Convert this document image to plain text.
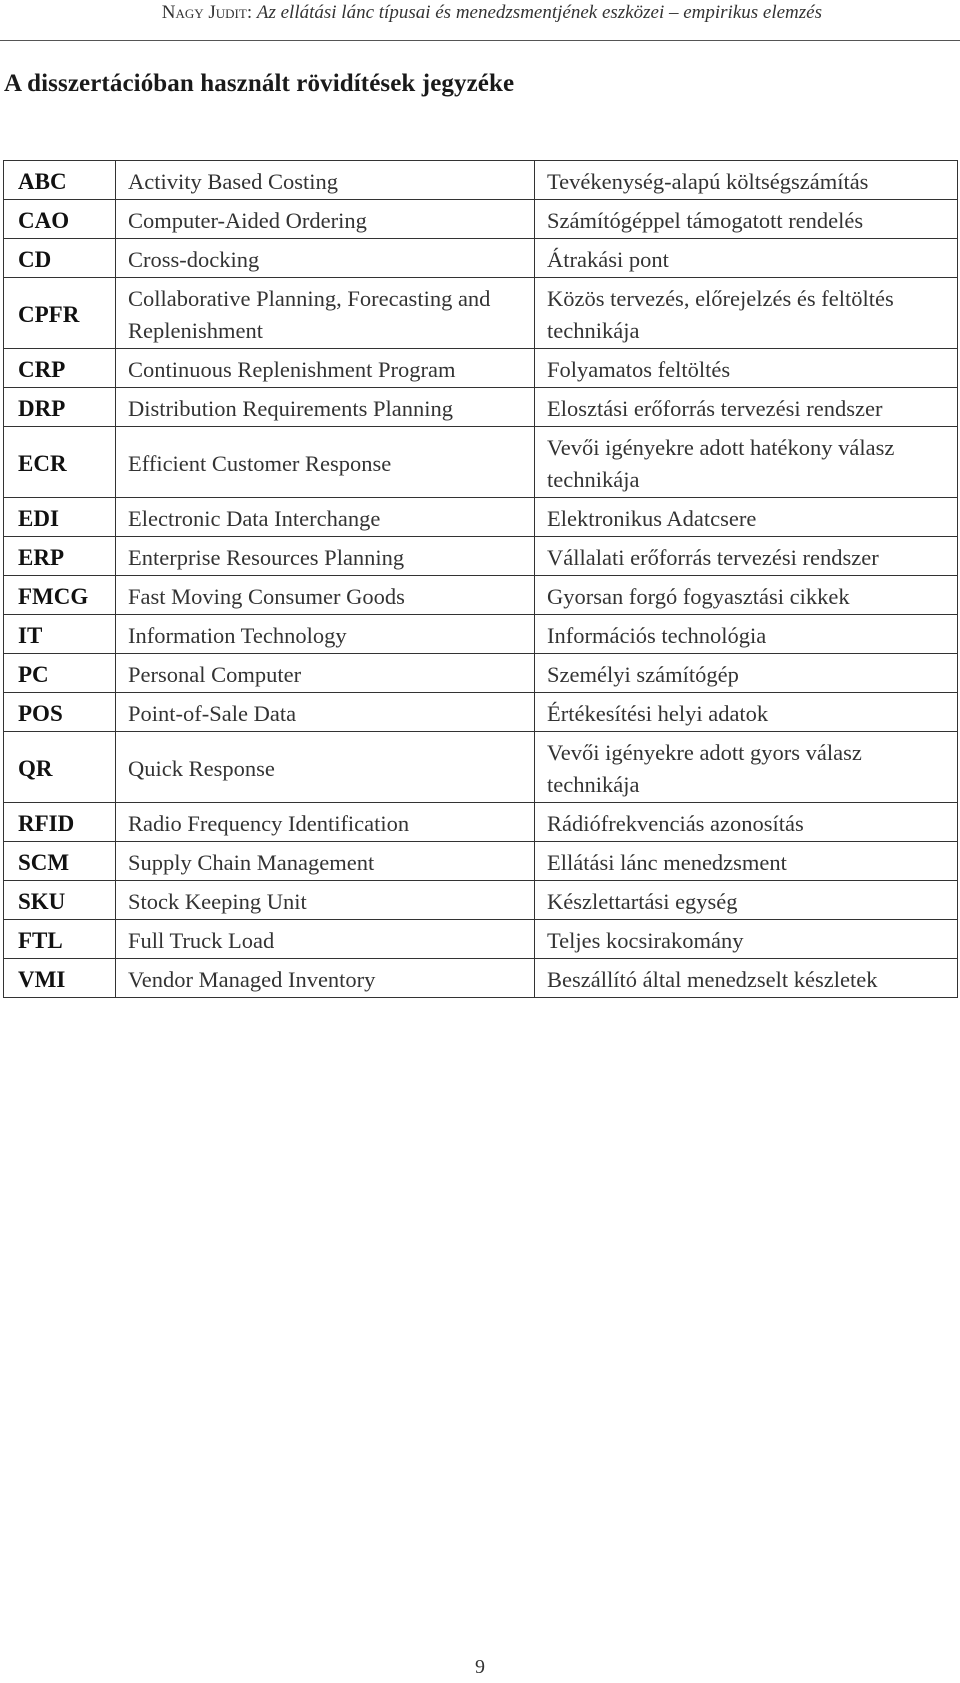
Nagy Judit: Az ellátási lánc típusai és menedzsmentjének eszközei – empirikus elemzés
A disszertációban használt rövidítések jegyzéke
ABC	Activity Based Costing	Tevékenység-alapú költségszámítás
CAO	Computer-Aided Ordering	Számítógéppel támogatott rendelés
CD	Cross-docking	Átrakási pont
CPFR	Collaborative Planning, Forecasting and Replenishment	Közös tervezés, előrejelzés és feltöltés technikája
CRP	Continuous Replenishment Program	Folyamatos feltöltés
DRP	Distribution Requirements Planning	Elosztási erőforrás tervezési rendszer
ECR	Efficient Customer Response	Vevői igényekre adott hatékony válasz technikája
EDI	Electronic Data Interchange	Elektronikus Adatcsere
ERP	Enterprise Resources Planning	Vállalati erőforrás tervezési rendszer
FMCG	Fast Moving Consumer Goods	Gyorsan forgó fogyasztási cikkek
IT	Information Technology	Információs technológia
PC	Personal Computer	Személyi számítógép
POS	Point-of-Sale Data	Értékesítési helyi adatok
QR	Quick Response	Vevői igényekre adott gyors válasz technikája
RFID	Radio Frequency Identification	Rádiófrekvenciás azonosítás
SCM	Supply Chain Management	Ellátási lánc menedzsment
SKU	Stock Keeping Unit	Készlettartási egység
FTL	Full Truck Load	Teljes kocsirakomány
VMI	Vendor Managed Inventory	Beszállító által menedzselt készletek
9
